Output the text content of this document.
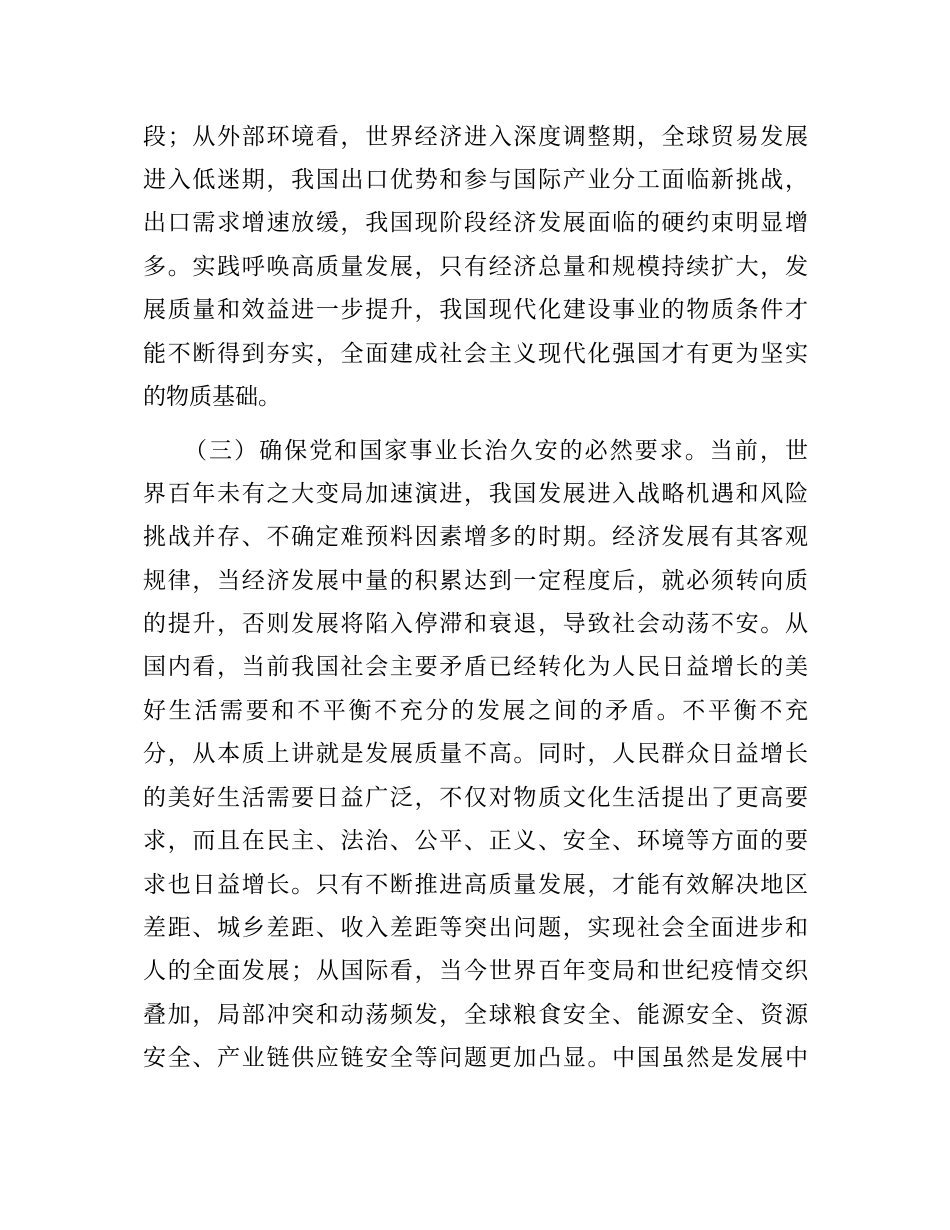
段；从外部环境看，世界经济进入深度调整期，全球贸易发展
进入低迷期，我国出口优势和参与国际产业分工面临新挑战，
出口需求增速放缓，我国现阶段经济发展面临的硬约束明显增
多。实践呼唤高质量发展，只有经济总量和规模持续扩大，发
展质量和效益进一步提升，我国现代化建设事业的物质条件才
能不断得到夯实，全面建成社会主义现代化强国才有更为坚实
的物质基础。
（三）确保党和国家事业长治久安的必然要求。当前，世
界百年未有之大变局加速演进，我国发展进入战略机遇和风险
挑战并存、不确定难预料因素增多的时期。经济发展有其客观
规律，当经济发展中量的积累达到一定程度后，就必须转向质
的提升，否则发展将陷入停滞和衰退，导致社会动荡不安。从
国内看，当前我国社会主要矛盾已经转化为人民日益增长的美
好生活需要和不平衡不充分的发展之间的矛盾。不平衡不充
分，从本质上讲就是发展质量不高。同时，人民群众日益增长
的美好生活需要日益广泛，不仅对物质文化生活提出了更高要
求，而且在民主、法治、公平、正义、安全、环境等方面的要
求也日益增长。只有不断推进高质量发展，才能有效解决地区
差距、城乡差距、收入差距等突出问题，实现社会全面进步和
人的全面发展；从国际看，当今世界百年变局和世纪疫情交织
叠加，局部冲突和动荡频发，全球粮食安全、能源安全、资源
安全、产业链供应链安全等问题更加凸显。中国虽然是发展中
